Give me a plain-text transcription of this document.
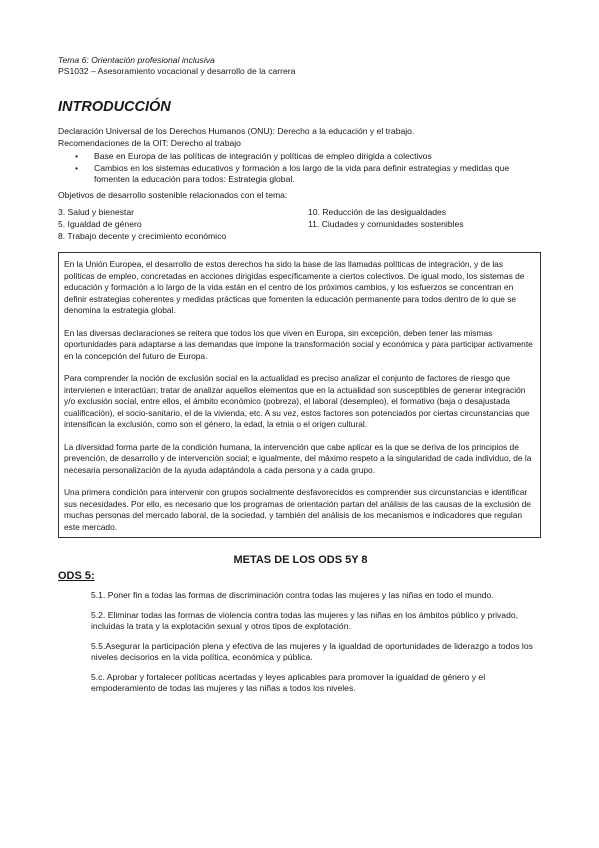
Tema 6: Orientación profesional inclusiva
PS1032 – Asesoramiento vocacional y desarrollo de la carrera
INTRODUCCIÓN

Declaración Universal de los Derechos Humanos (ONU): Derecho a la educación y el trabajo.

Recomendaciones de la OIT: Derecho al trabajo

• Base en Europa de las políticas de integración y políticas de empleo dirigida a colectivos
• Cambios en los sistemas educativos y formación a los largo de la vida para definir estrategias y medidas que fomenten la educación para todos: Estrategia global.

Objetivos de desarrollo sostenible relacionados con el tema:

3. Salud y bienestar	10. Reducción de las desigualdades
5. Igualdad de género	11. Ciudades y comunidades sostenibles
8. Trabajo decente y crecimiento económico

En la Unión Europea, el desarrollo de estos derechos ha sido la base de las llamadas políticas de integración, y de las políticas de empleo, concretadas en acciones dirigidas específicamente a ciertos colectivos. De igual modo, los sistemas de educación y formación a lo largo de la vida están en el centro de los próximos cambios, y los esfuerzos se concentran en definir estrategias coherentes y medidas prácticas que fomenten la educación permanente para todos dentro de lo que se denomina la estrategia global.

En las diversas declaraciones se reitera que todos los que viven en Europa, sin excepción, deben tener las mismas oportunidades para adaptarse a las demandas que impone la transformación social y económica y para participar activamente en la concepción del futuro de Europa.

Para comprender la noción de exclusión social en la actualidad es preciso analizar el conjunto de factores de riesgo que intervienen e interactúan; tratar de analizar aquellos elementos que en la actualidad son susceptibles de generar integración y/o exclusión social, entre ellos, el ámbito económico (pobreza), el laboral (desempleo), el formativo (baja o desajustada cualificación), el socio-sanitario, el de la vivienda, etc. A su vez, estos factores son potenciados por ciertas circunstancias que intensifican la exclusión, como son el género, la edad, la etnia o el origen cultural.

La diversidad forma parte de la condición humana, la intervención que cabe aplicar es la que se deriva de los principios de prevención, de desarrollo y de intervención social; e igualmente, del máximo respeto a la singularidad de cada individuo, de la necesaria personalización de la ayuda adaptándola a cada persona y a cada grupo.

Una primera condición para intervenir con grupos socialmente desfavorecidos es comprender sus circunstancias e identificar sus necesidades. Por ello, es necesario que los programas de orientación partan del análisis de las causas de la exclusión de muchas personas del mercado laboral, de la sociedad, y también del análisis de los mecanismos e indicadores que regulan este mercado.

METAS DE LOS ODS 5Y 8
ODS 5:

5.1. Poner fin a todas las formas de discriminación contra todas las mujeres y las niñas en todo el mundo.

5.2. Eliminar todas las formas de violencia contra todas las mujeres y las niñas en los ámbitos público y privado, incluidas la trata y la explotación sexual y otros tipos de explotación.

5.5.Asegurar la participación plena y efectiva de las mujeres y la igualdad de oportunidades de liderazgo a todos los niveles decisorios en la vida política, económica y pública.

5.c. Aprobar y fortalecer políticas acertadas y leyes aplicables para promover la igualdad de género y el empoderamiento de todas las mujeres y las niñas a todos los niveles.
